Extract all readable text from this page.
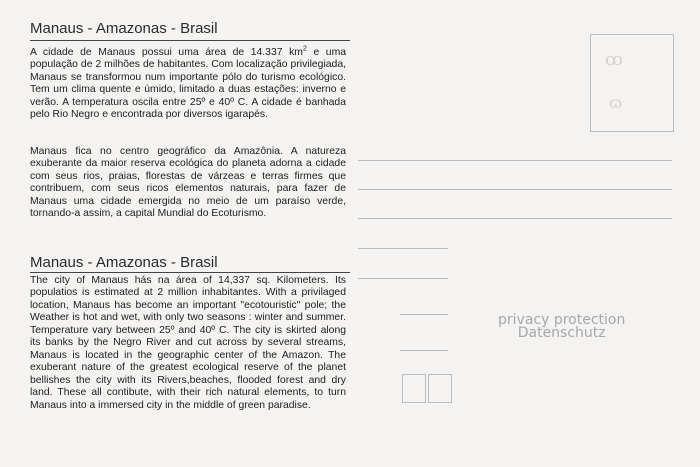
Manaus - Amazonas - Brasil
A cidade de Manaus possui uma área de 14.337 $km^2$ e uma população de 2 milhões de habitantes. Com localização privilegiada, Manaus se transformou num importante pólo do turismo ecológico. Tem um clima quente e úmido, limitado a duas estações: inverno e verão. A temperatura oscila entre 25º e 40º C. A cidade é banhada pelo Rio Negro e encontrada por diversos igarapés.
Manaus fica no centro geográfico da Amazônia. A natureza exuberante da maior reserva ecológica do planeta adorna a cidade com seus rios, praias, florestas de várzeas e terras firmes que contribuem, com seus ricos elementos naturais, para fazer de Manaus uma cidade emergida no meio de um paraíso verde, tornando-a assim, a capital Mundial do Ecoturismo.
Manaus - Amazonas - Brasil
The city of Manaus hás na área of 14,337 sq. Kilometers. Its populatios is estimated at 2 million inhabitantes. With a privilaged location, Manaus has become an important "ecotouristic" pole; the Weather is hot and wet, with only two seasons : winter and summer. Temperature vary between 25º and 40º C. The city is skirted along its banks by the Negro River and cut across by several streams, Manaus is located in the geographic center of the Amazon. The exuberant nature of the greatest ecological reserve of the planet bellishes the city with its Rivers,beaches, flooded forest and dry land. These all contibute, with their rich natural elements, to turn Manaus into a immersed city in the middle of green paradise.
ꝏ
ɷ
privacy protection
Datenschutz
